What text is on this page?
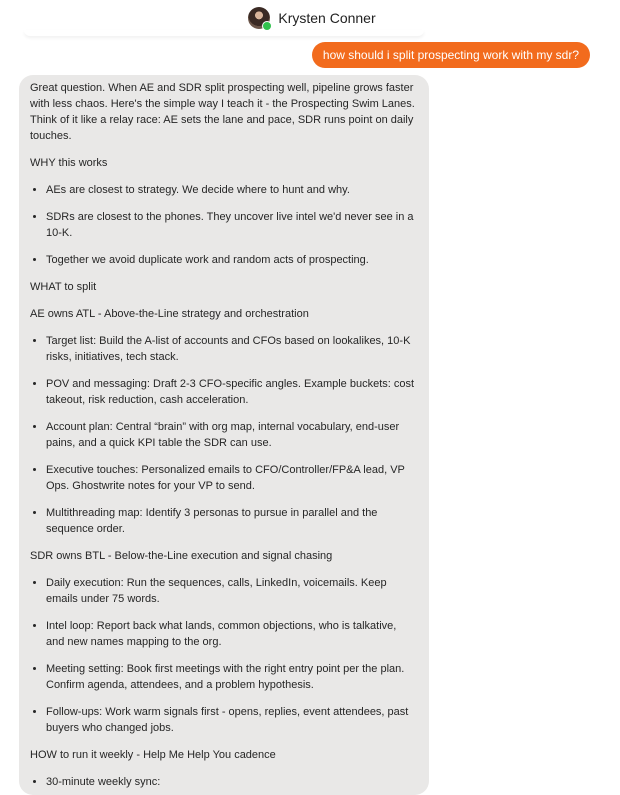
Krysten Conner
how should i split prospecting work with my sdr?

Great question. When AE and SDR split prospecting well, pipeline grows faster with less chaos. Here's the simple way I teach it - the Prospecting Swim Lanes. Think of it like a relay race: AE sets the lane and pace, SDR runs point on daily touches.

WHY this works

• AEs are closest to strategy. We decide where to hunt and why.
• SDRs are closest to the phones. They uncover live intel we'd never see in a 10-K.
• Together we avoid duplicate work and random acts of prospecting.

WHAT to split

AE owns ATL - Above-the-Line strategy and orchestration

• Target list: Build the A-list of accounts and CFOs based on lookalikes, 10-K risks, initiatives, tech stack.
• POV and messaging: Draft 2-3 CFO-specific angles. Example buckets: cost takeout, risk reduction, cash acceleration.
• Account plan: Central “brain” with org map, internal vocabulary, end-user pains, and a quick KPI table the SDR can use.
• Executive touches: Personalized emails to CFO/Controller/FP&A lead, VP Ops. Ghostwrite notes for your VP to send.
• Multithreading map: Identify 3 personas to pursue in parallel and the sequence order.

SDR owns BTL - Below-the-Line execution and signal chasing

• Daily execution: Run the sequences, calls, LinkedIn, voicemails. Keep emails under 75 words.
• Intel loop: Report back what lands, common objections, who is talkative, and new names mapping to the org.
• Meeting setting: Book first meetings with the right entry point per the plan. Confirm agenda, attendees, and a problem hypothesis.
• Follow-ups: Work warm signals first - opens, replies, event attendees, past buyers who changed jobs.

HOW to run it weekly - Help Me Help You cadence

• 30-minute weekly sync:
